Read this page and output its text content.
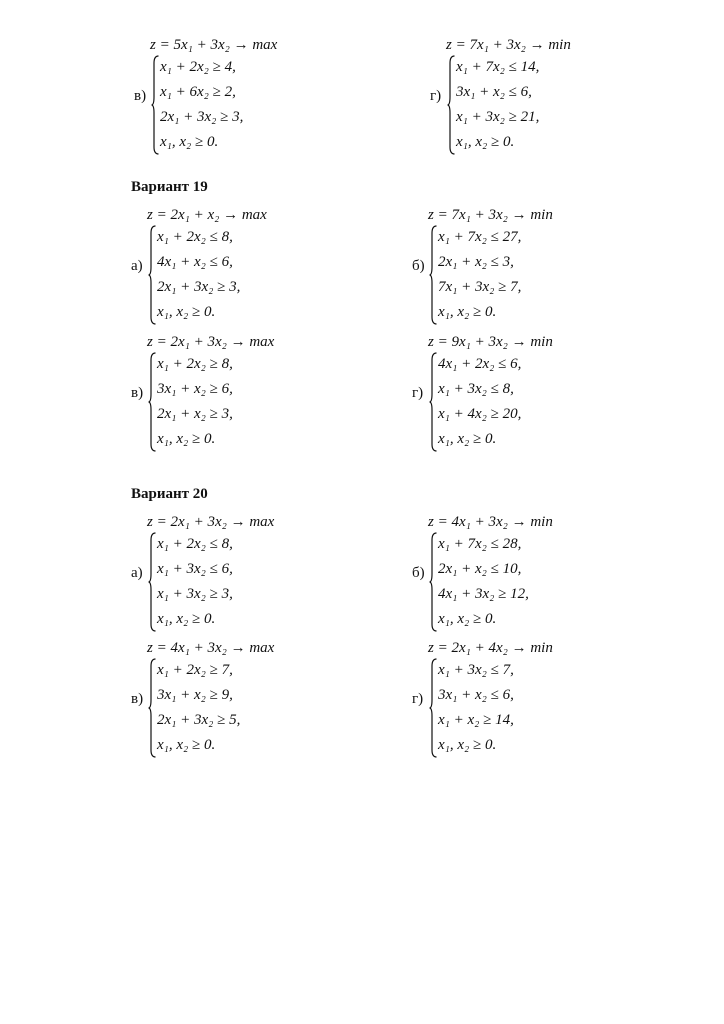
z = 5x₁ + 3x₂ → max
в)
x₁ + 2x₂ ≥ 4,
x₁ + 6x₂ ≥ 2,
2x₁ + 3x₂ ≥ 3,
x₁, x₂ ≥ 0.
z = 7x₁ + 3x₂ → min
г)
x₁ + 7x₂ ≤ 14,
3x₁ + x₂ ≤ 6,
x₁ + 3x₂ ≥ 21,
x₁, x₂ ≥ 0.
Вариант 19
z = 2x₁ + x₂ → max
а)
x₁ + 2x₂ ≤ 8,
4x₁ + x₂ ≤ 6,
2x₁ + 3x₂ ≥ 3,
x₁, x₂ ≥ 0.
z = 7x₁ + 3x₂ → min
б)
x₁ + 7x₂ ≤ 27,
2x₁ + x₂ ≤ 3,
7x₁ + 3x₂ ≥ 7,
x₁, x₂ ≥ 0.
z = 2x₁ + 3x₂ → max
в)
x₁ + 2x₂ ≥ 8,
3x₁ + x₂ ≥ 6,
2x₁ + x₂ ≥ 3,
x₁, x₂ ≥ 0.
z = 9x₁ + 3x₂ → min
г)
4x₁ + 2x₂ ≤ 6,
x₁ + 3x₂ ≤ 8,
x₁ + 4x₂ ≥ 20,
x₁, x₂ ≥ 0.
Вариант 20
z = 2x₁ + 3x₂ → max
а)
x₁ + 2x₂ ≤ 8,
x₁ + 3x₂ ≤ 6,
x₁ + 3x₂ ≥ 3,
x₁, x₂ ≥ 0.
z = 4x₁ + 3x₂ → min
б)
x₁ + 7x₂ ≤ 28,
2x₁ + x₂ ≤ 10,
4x₁ + 3x₂ ≥ 12,
x₁, x₂ ≥ 0.
z = 4x₁ + 3x₂ → max
в)
x₁ + 2x₂ ≥ 7,
3x₁ + x₂ ≥ 9,
2x₁ + 3x₂ ≥ 5,
x₁, x₂ ≥ 0.
z = 2x₁ + 4x₂ → min
г)
x₁ + 3x₂ ≤ 7,
3x₁ + x₂ ≤ 6,
x₁ + x₂ ≥ 14,
x₁, x₂ ≥ 0.
